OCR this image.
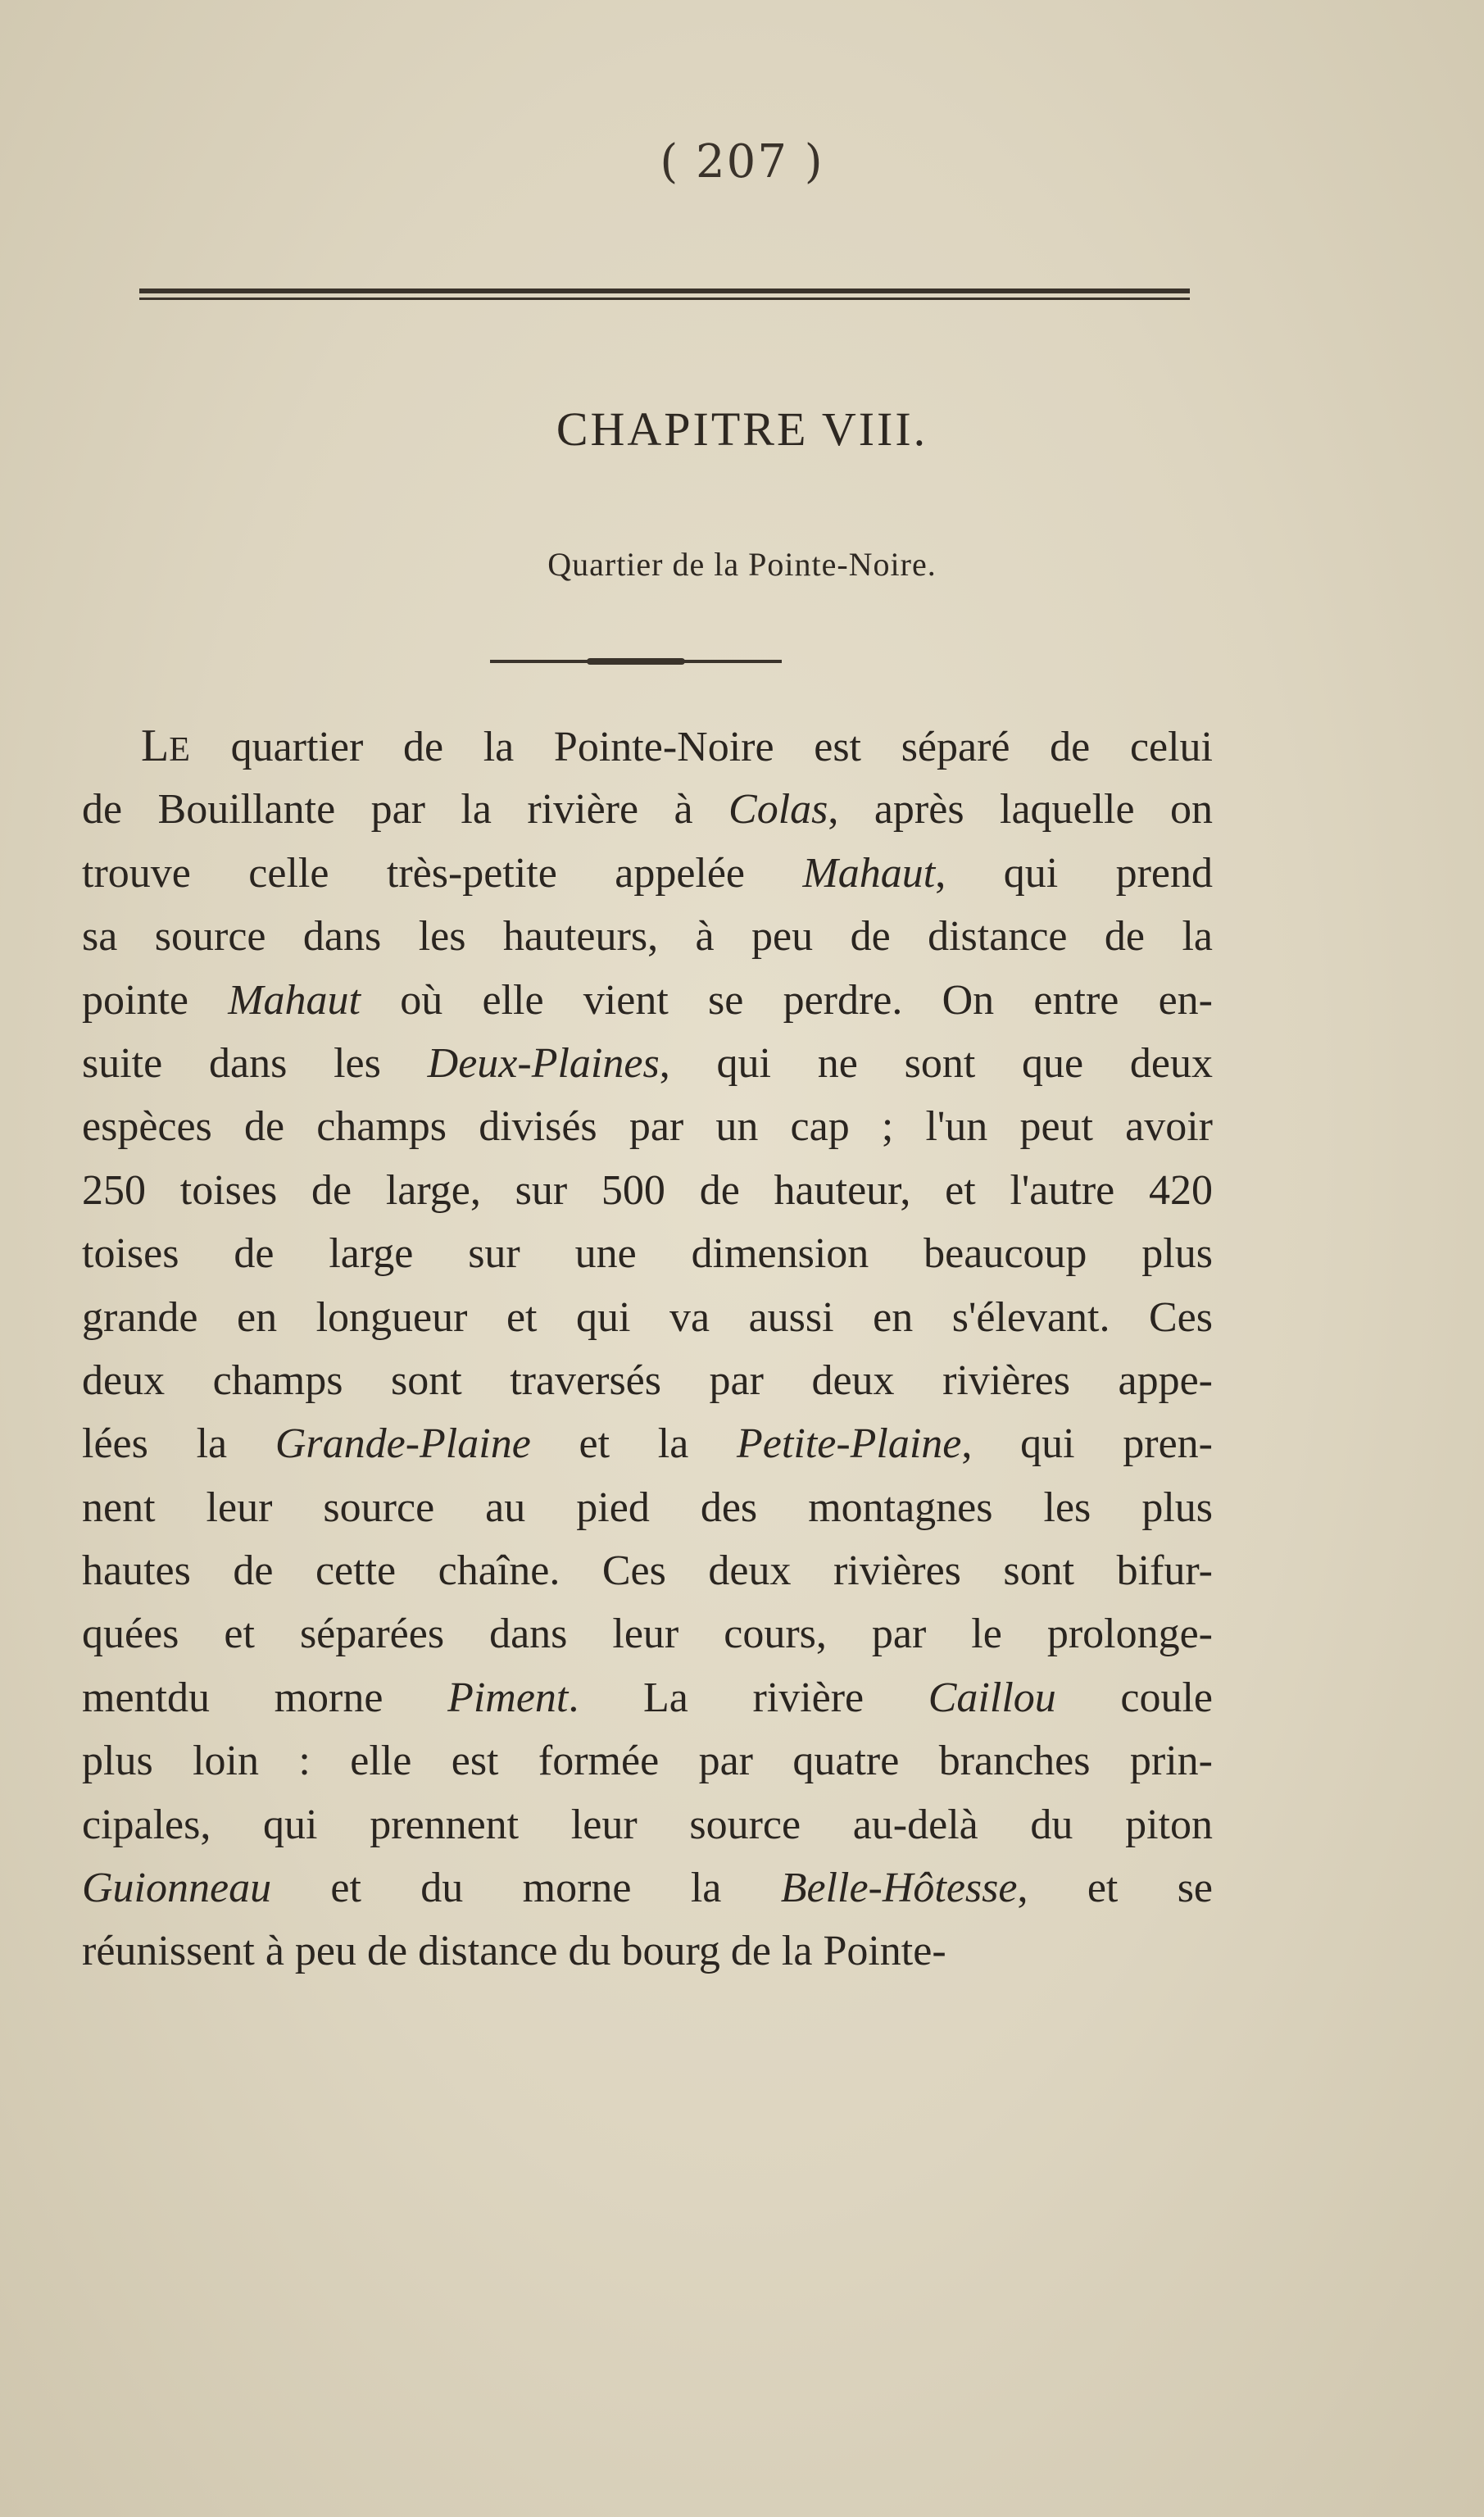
( 207 )
CHAPITRE VIII.
Quartier de la Pointe-Noire.
LE quartier de la Pointe-Noire est séparé de celui
de Bouillante par la rivière à Colas, après laquelle on
trouve celle très-petite appelée Mahaut, qui prend
sa source dans les hauteurs, à peu de distance de la
pointe Mahaut où elle vient se perdre. On entre en-
suite dans les Deux-Plaines, qui ne sont que deux
espèces de champs divisés par un cap ; l'un peut avoir
250 toises de large, sur 500 de hauteur, et l'autre 420
toises de large sur une dimension beaucoup plus
grande en longueur et qui va aussi en s'élevant. Ces
deux champs sont traversés par deux rivières appe-
lées la Grande-Plaine et la Petite-Plaine, qui pren-
nent leur source au pied des montagnes les plus
hautes de cette chaîne. Ces deux rivières sont bifur-
quées et séparées dans leur cours, par le prolonge-
mentdu morne Piment. La rivière Caillou coule
plus loin : elle est formée par quatre branches prin-
cipales, qui prennent leur source au-delà du piton
Guionneau et du morne la Belle-Hôtesse, et se
réunissent à peu de distance du bourg de la Pointe-
